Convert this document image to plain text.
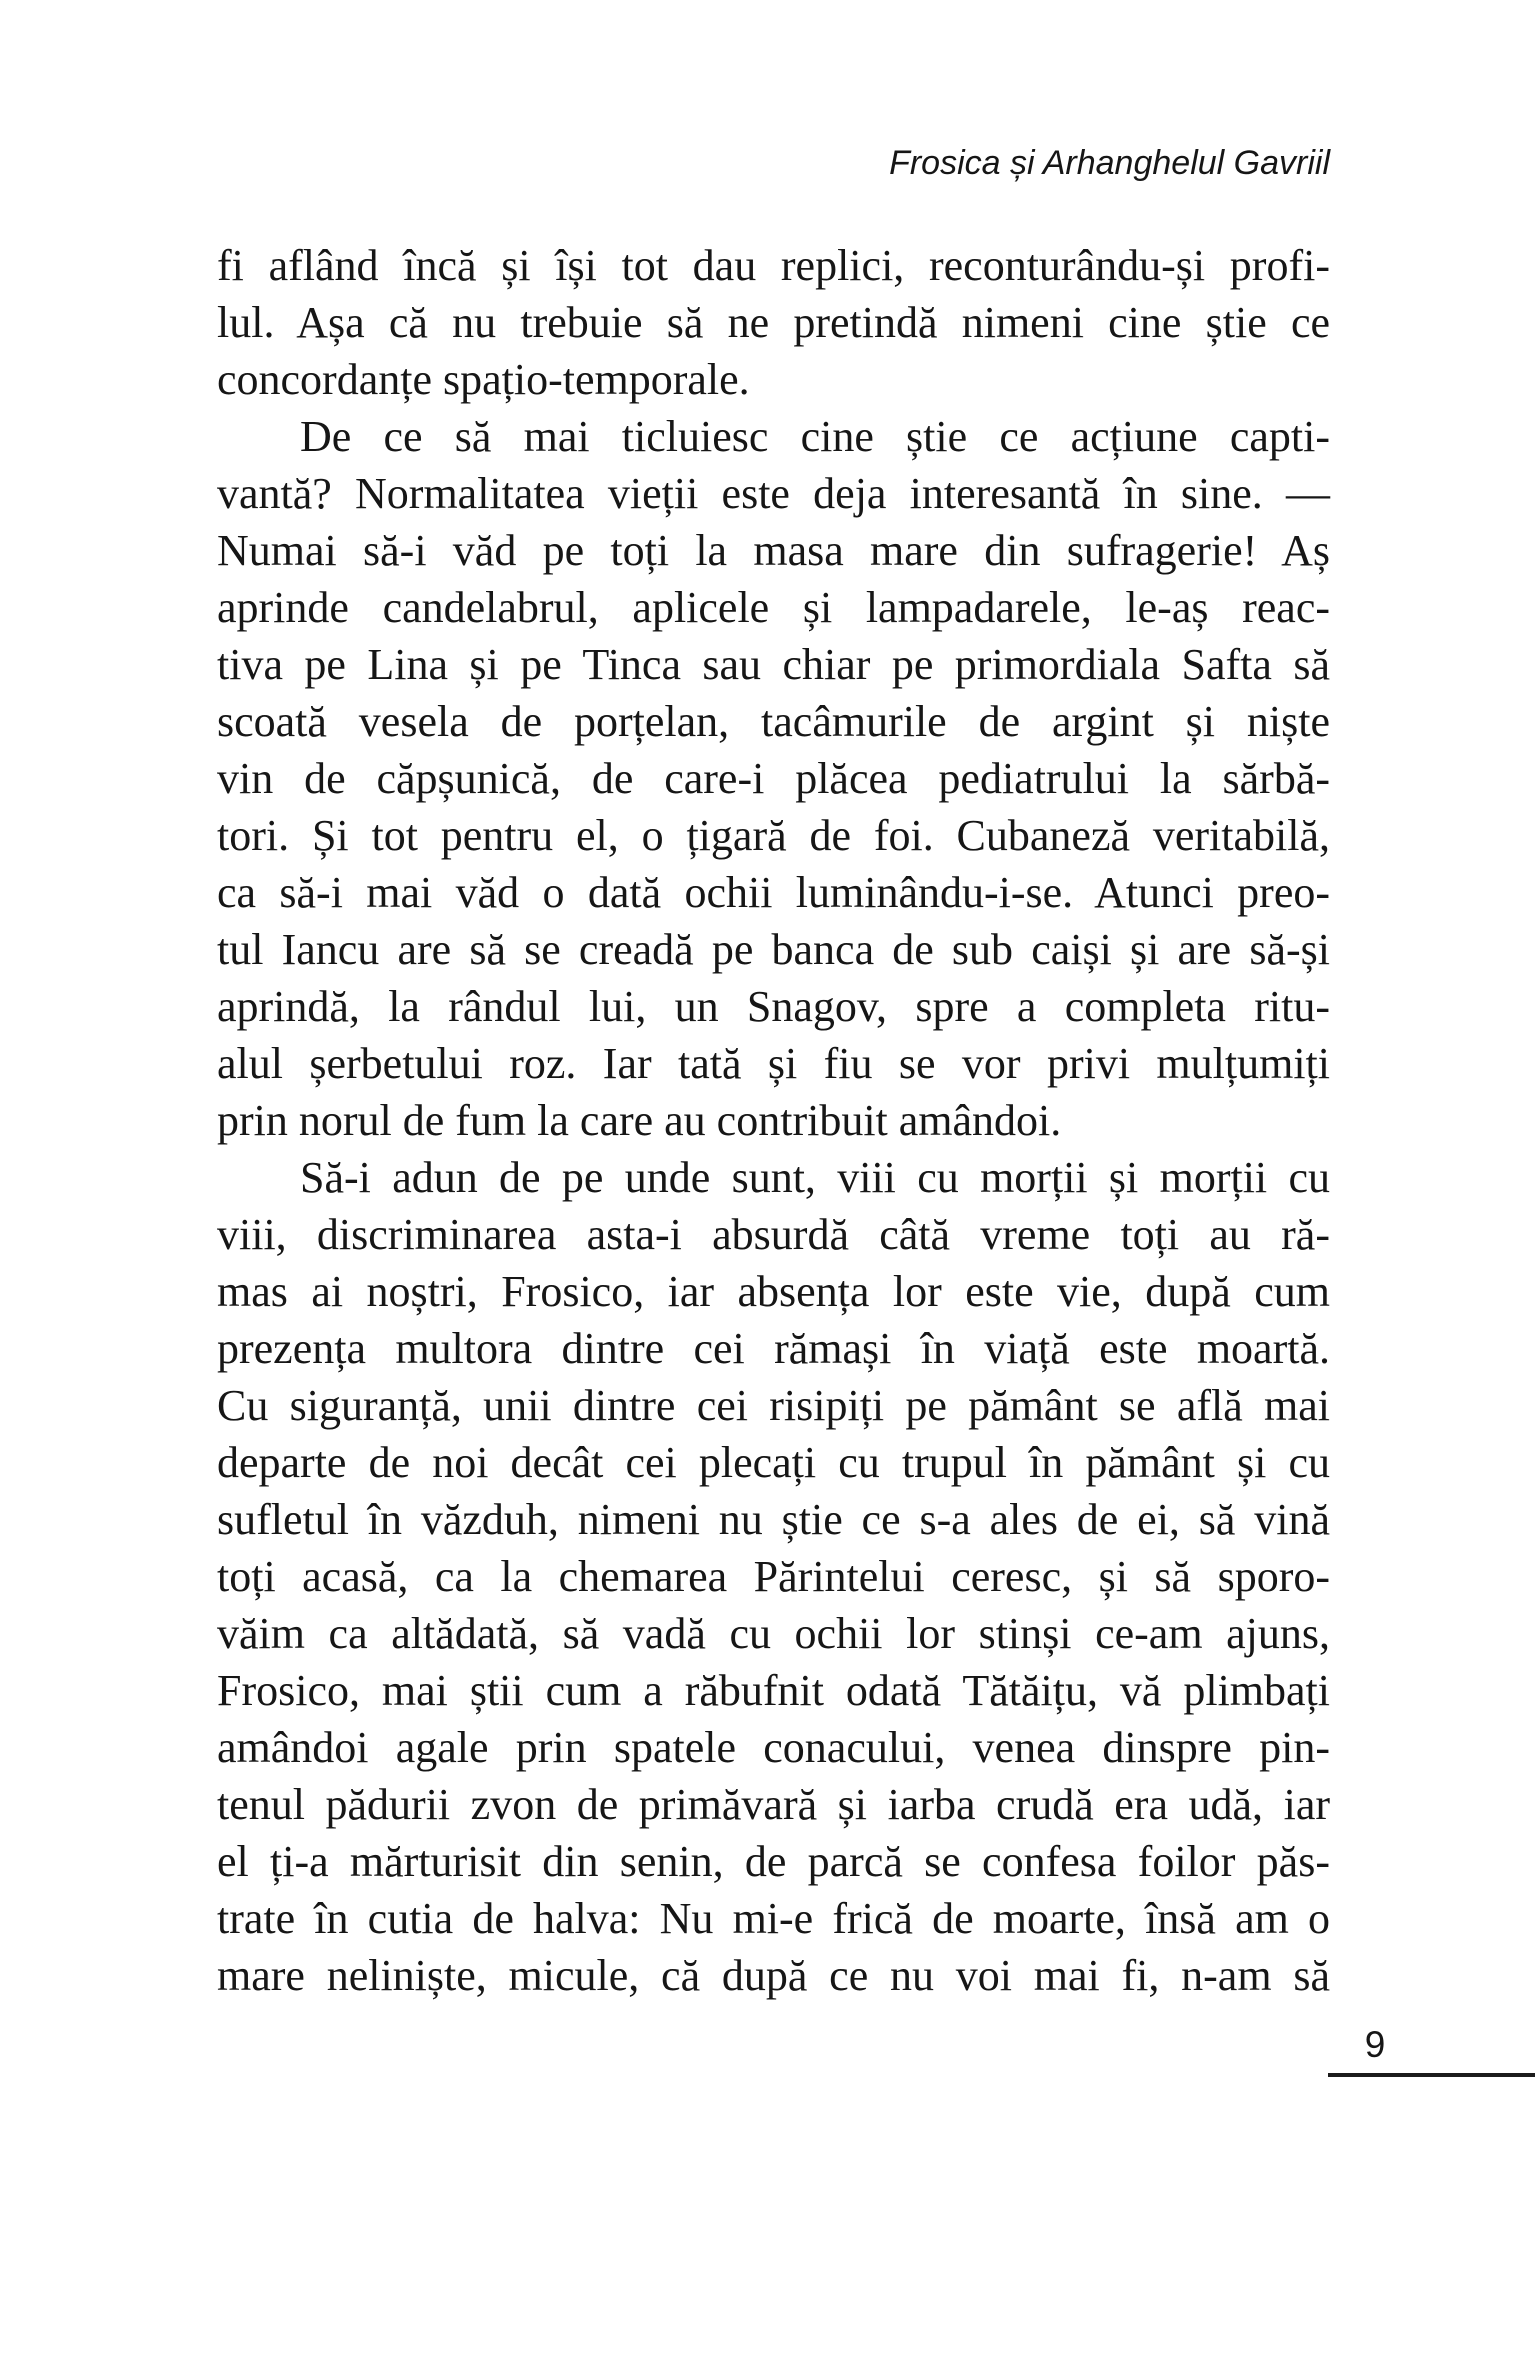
Frosica și Arhanghelul Gavriil
fi aflând încă și își tot dau replici, reconturându-și profi-
lul. Așa că nu trebuie să ne pretindă nimeni cine știe ce
concordanțe spațio-temporale.
De ce să mai ticluiesc cine știe ce acțiune capti-
vantă? Normalitatea vieții este deja interesantă în sine. —
Numai să-i văd pe toți la masa mare din sufragerie! Aș
aprinde candelabrul, aplicele și lampadarele, le-aș reac-
tiva pe Lina și pe Tinca sau chiar pe primordiala Safta să
scoată vesela de porțelan, tacâmurile de argint și niște
vin de căpșunică, de care-i plăcea pediatrului la sărbă-
tori. Și tot pentru el, o țigară de foi. Cubaneză veritabilă,
ca să-i mai văd o dată ochii luminându-i-se. Atunci preo-
tul Iancu are să se creadă pe banca de sub caiși și are să-și
aprindă, la rândul lui, un Snagov, spre a completa ritu-
alul șerbetului roz. Iar tată și fiu se vor privi mulțumiți
prin norul de fum la care au contribuit amândoi.
Să-i adun de pe unde sunt, viii cu morții și morții cu
viii, discriminarea asta-i absurdă câtă vreme toți au ră-
mas ai noștri, Frosico, iar absența lor este vie, după cum
prezența multora dintre cei rămași în viață este moartă.
Cu siguranță, unii dintre cei risipiți pe pământ se află mai
departe de noi decât cei plecați cu trupul în pământ și cu
sufletul în văzduh, nimeni nu știe ce s-a ales de ei, să vină
toți acasă, ca la chemarea Părintelui ceresc, și să sporo-
văim ca altădată, să vadă cu ochii lor stinși ce-am ajuns,
Frosico, mai știi cum a răbufnit odată Tătăițu, vă plimbați
amândoi agale prin spatele conacului, venea dinspre pin-
tenul pădurii zvon de primăvară și iarba crudă era udă, iar
el ți-a mărturisit din senin, de parcă se confesa foilor păs-
trate în cutia de halva: Nu mi-e frică de moarte, însă am o
mare neliniște, micule, că după ce nu voi mai fi, n-am să
9
